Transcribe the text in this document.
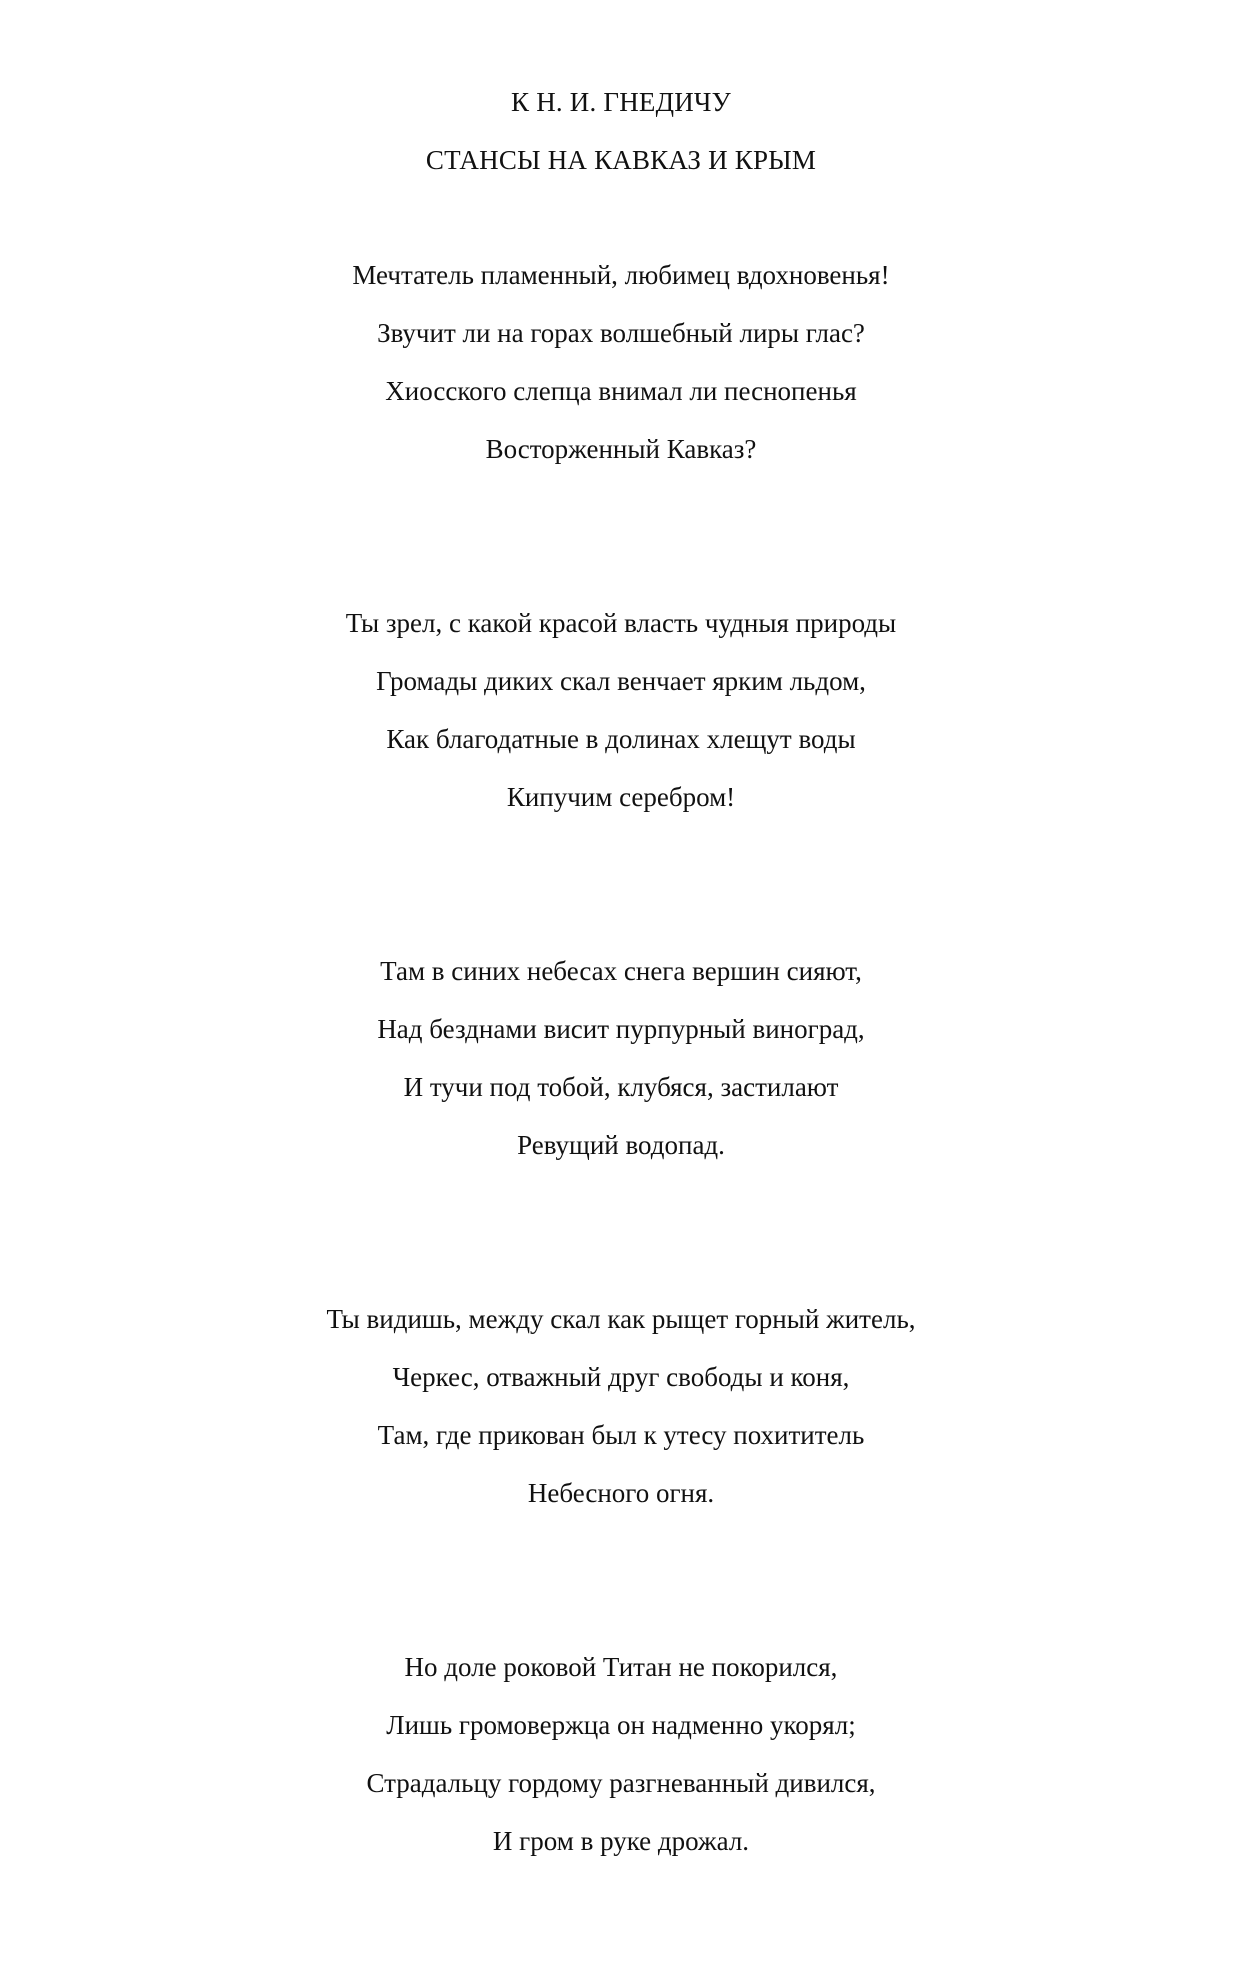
К Н. И. ГНЕДИЧУ
СТАНСЫ НА КАВКАЗ И КРЫМ
Мечтатель пламенный, любимец вдохновенья!
Звучит ли на горах волшебный лиры глас?
Хиосского слепца внимал ли песнопенья
Восторженный Кавказ?
Ты зрел, с какой красой власть чудныя природы
Громады диких скал венчает ярким льдом,
Как благодатные в долинах хлещут воды
Кипучим серебром!
Там в синих небесах снега вершин сияют,
Над безднами висит пурпурный виноград,
И тучи под тобой, клубяся, застилают
Ревущий водопад.
Ты видишь, между скал как рыщет горный житель,
Черкес, отважный друг свободы и коня,
Там, где прикован был к утесу похититель
Небесного огня.
Но доле роковой Титан не покорился,
Лишь громовержца он надменно укорял;
Страдальцу гордому разгневанный дивился,
И гром в руке дрожал.
